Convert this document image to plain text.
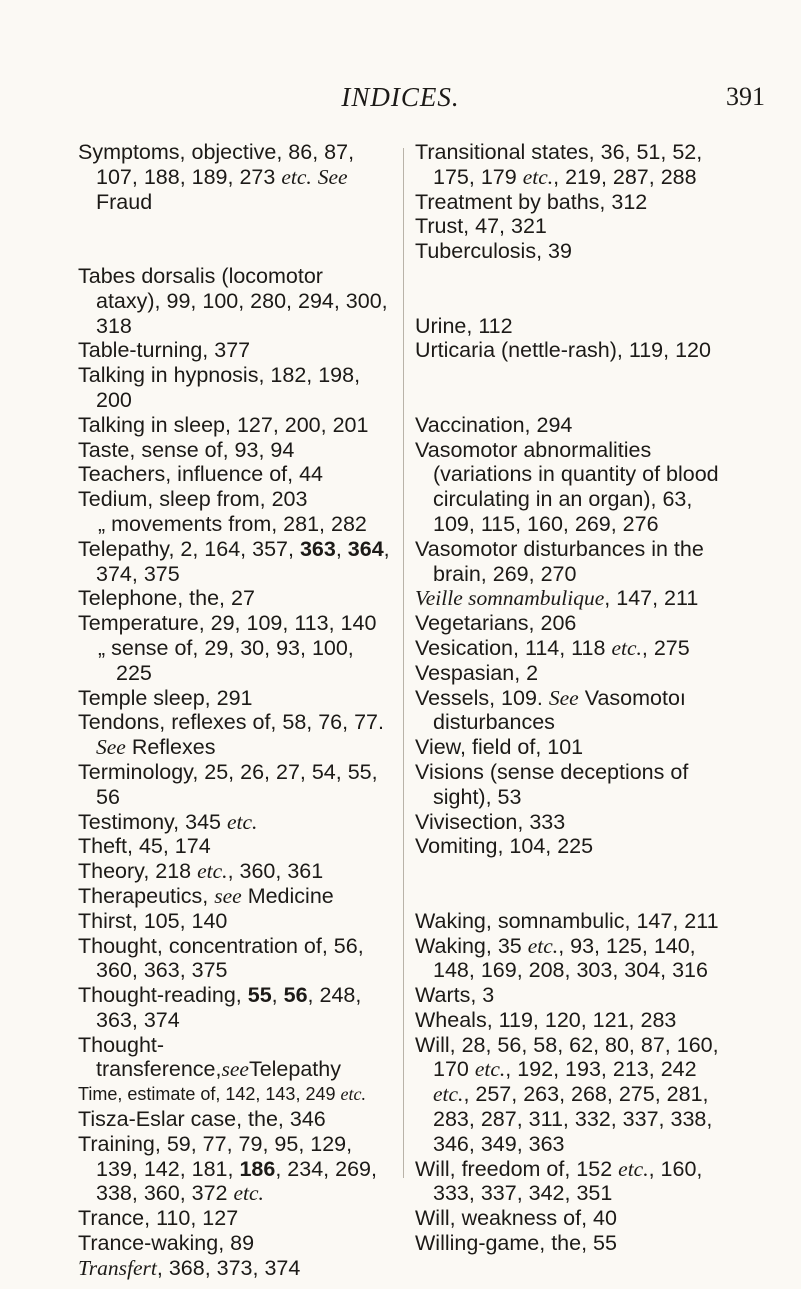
INDICES.	391
Symptoms, objective, 86, 87, 107, 188, 189, 273 etc. See Fraud
Tabes dorsalis (locomotor ataxy), 99, 100, 280, 294, 300, 318
Table-turning, 377
Talking in hypnosis, 182, 198, 200
Talking in sleep, 127, 200, 201
Taste, sense of, 93, 94
Teachers, influence of, 44
Tedium, sleep from, 203
„ movements from, 281, 282
Telepathy, 2, 164, 357, 363, 364, 374, 375
Telephone, the, 27
Temperature, 29, 109, 113, 140
„ sense of, 29, 30, 93, 100, 225
Temple sleep, 291
Tendons, reflexes of, 58, 76, 77. See Reflexes
Terminology, 25, 26, 27, 54, 55, 56
Testimony, 345 etc.
Theft, 45, 174
Theory, 218 etc., 360, 361
Therapeutics, see Medicine
Thirst, 105, 140
Thought, concentration of, 56, 360, 363, 375
Thought-reading, 55, 56, 248, 363, 374
Thought-transference,seeTelepathy
Time, estimate of, 142, 143, 249 etc.
Tisza-Eslar case, the, 346
Training, 59, 77, 79, 95, 129, 139, 142, 181, 186, 234, 269, 338, 360, 372 etc.
Trance, 110, 127
Trance-waking, 89
Transfert, 368, 373, 374
Transitional states, 36, 51, 52, 175, 179 etc., 219, 287, 288
Treatment by baths, 312
Trust, 47, 321
Tuberculosis, 39
Urine, 112
Urticaria (nettle-rash), 119, 120
Vaccination, 294
Vasomotor abnormalities (variations in quantity of blood circulating in an organ), 63, 109, 115, 160, 269, 276
Vasomotor disturbances in the brain, 269, 270
Veille somnambulique, 147, 211
Vegetarians, 206
Vesication, 114, 118 etc., 275
Vespasian, 2
Vessels, 109. See Vasomotoı disturbances
View, field of, 101
Visions (sense deceptions of sight), 53
Vivisection, 333
Vomiting, 104, 225
Waking, somnambulic, 147, 211
Waking, 35 etc., 93, 125, 140, 148, 169, 208, 303, 304, 316
Warts, 3
Wheals, 119, 120, 121, 283
Will, 28, 56, 58, 62, 80, 87, 160, 170 etc., 192, 193, 213, 242 etc., 257, 263, 268, 275, 281, 283, 287, 311, 332, 337, 338, 346, 349, 363
Will, freedom of, 152 etc., 160, 333, 337, 342, 351
Will, weakness of, 40
Willing-game, the, 55
